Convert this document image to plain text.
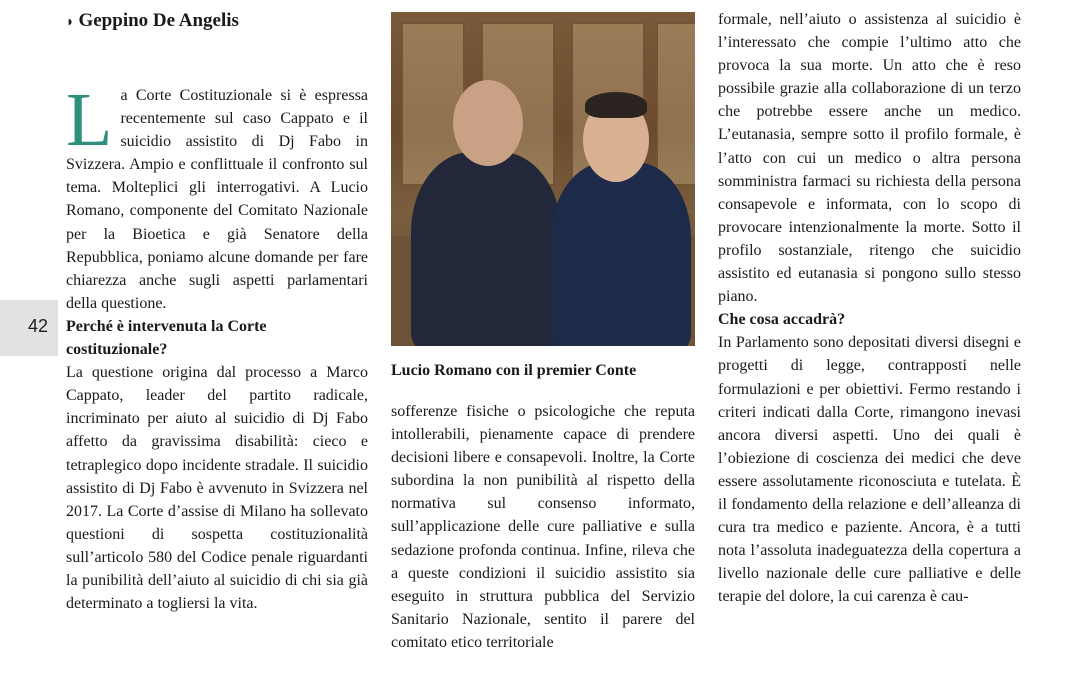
42
◗ Geppino De Angelis

La Corte Costituzionale si è espressa recentemente sul caso Cappato e il suicidio assistito di Dj Fabo in Svizzera. Ampio e conflittuale il confronto sul tema. Molteplici gli interrogativi. A Lucio Romano, componente del Comitato Nazionale per la Bioetica e già Senatore della Repubblica, poniamo alcune domande per fare chiarezza anche sugli aspetti parlamentari della questione.

Perché è intervenuta la Corte costituzionale?

La questione origina dal processo a Marco Cappato, leader del partito radicale, incriminato per aiuto al suicidio di Dj Fabo affetto da gravissima disabilità: cieco e tetraplegico dopo incidente stradale. Il suicidio assistito di Dj Fabo è avvenuto in Svizzera nel 2017. La Corte d’assise di Milano ha sollevato questioni di sospetta costituzionalità sull’articolo 580 del Codice penale riguardanti la punibilità dell’aiuto al suicidio di chi sia già determinato a togliersi la vita.

Lucio Romano con il premier Conte

sofferenze fisiche o psicologiche che reputa intollerabili, pienamente capace di prendere decisioni libere e consapevoli. Inoltre, la Corte subordina la non punibilità al rispetto della normativa sul consenso informato, sull’applicazione delle cure palliative e sulla sedazione profonda continua. Infine, rileva che a queste condizioni il suicidio assistito sia eseguito in struttura pubblica del Servizio Sanitario Nazionale, sentito il parere del comitato etico territoriale

formale, nell’aiuto o assistenza al suicidio è l’interessato che compie l’ultimo atto che provoca la sua morte. Un atto che è reso possibile grazie alla collaborazione di un terzo che potrebbe essere anche un medico. L’eutanasia, sempre sotto il profilo formale, è l’atto con cui un medico o altra persona somministra farmaci su richiesta della persona consapevole e informata, con lo scopo di provocare intenzionalmente la morte. Sotto il profilo sostanziale, ritengo che suicidio assistito ed eutanasia si pongono sullo stesso piano.

Che cosa accadrà?

In Parlamento sono depositati diversi disegni e progetti di legge, contrapposti nelle formulazioni e per obiettivi. Fermo restando i criteri indicati dalla Corte, rimangono inevasi ancora diversi aspetti. Uno dei quali è l’obiezione di coscienza dei medici che deve essere assolutamente riconosciuta e tutelata. È il fondamento della relazione e dell’alleanza di cura tra medico e paziente. Ancora, è a tutti nota l’assoluta inadeguatezza della copertura a livello nazionale delle cure palliative e delle terapie del dolore, la cui carenza è cau-
